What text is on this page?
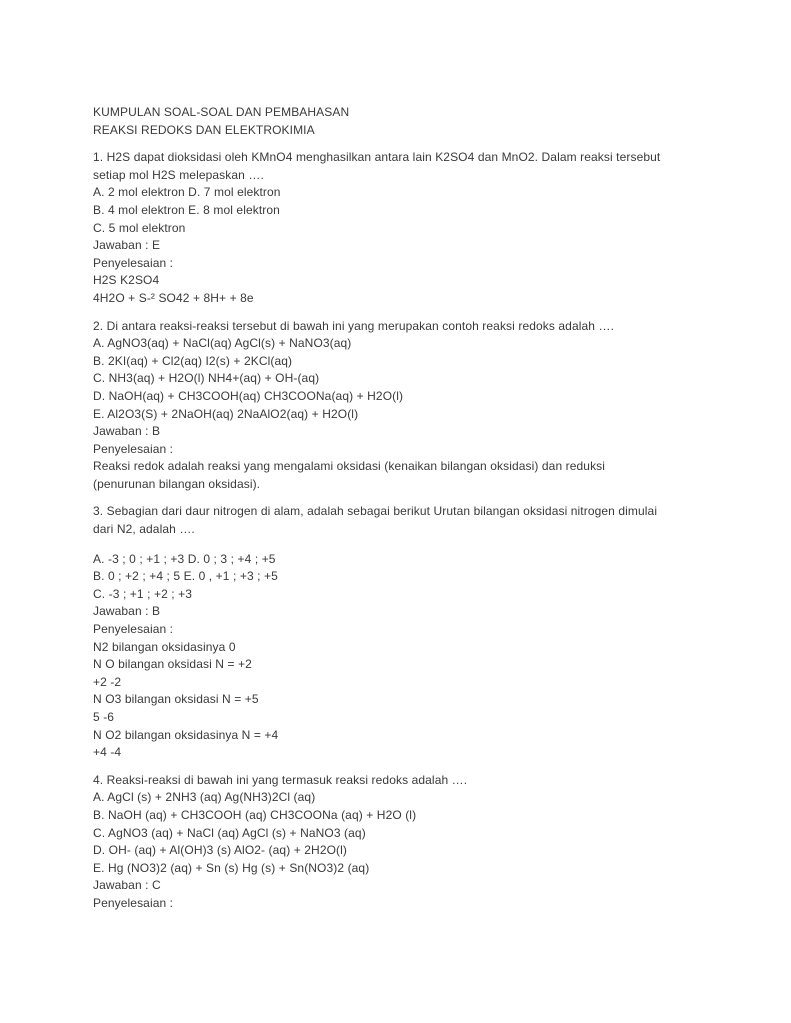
KUMPULAN SOAL-SOAL DAN PEMBAHASAN
REAKSI REDOKS DAN ELEKTROKIMIA
1. H2S dapat dioksidasi oleh KMnO4 menghasilkan antara lain K2SO4 dan MnO2. Dalam reaksi tersebut
setiap mol H2S melepaskan ….
A. 2 mol elektron D. 7 mol elektron
B. 4 mol elektron E. 8 mol elektron
C. 5 mol elektron
Jawaban : E
Penyelesaian :
H2S K2SO4
4H2O + S-² SO42 + 8H+ + 8e
2. Di antara reaksi-reaksi tersebut di bawah ini yang merupakan contoh reaksi redoks adalah ….
A. AgNO3(aq) + NaCl(aq) AgCl(s) + NaNO3(aq)
B. 2KI(aq) + Cl2(aq) I2(s) + 2KCl(aq)
C. NH3(aq) + H2O(l) NH4+(aq) + OH-(aq)
D. NaOH(aq) + CH3COOH(aq) CH3COONa(aq) + H2O(l)
E. Al2O3(S) + 2NaOH(aq) 2NaAlO2(aq) + H2O(l)
Jawaban : B
Penyelesaian :
Reaksi redok adalah reaksi yang mengalami oksidasi (kenaikan bilangan oksidasi) dan reduksi
(penurunan bilangan oksidasi).
3. Sebagian dari daur nitrogen di alam, adalah sebagai berikut Urutan bilangan oksidasi nitrogen dimulai
dari N2, adalah ….
A. -3 ; 0 ; +1 ; +3 D. 0 ; 3 ; +4 ; +5
B. 0 ; +2 ; +4 ; 5 E. 0 , +1 ; +3 ; +5
C. -3 ; +1 ; +2 ; +3
Jawaban : B
Penyelesaian :
N2 bilangan oksidasinya 0
N O bilangan oksidasi N = +2
+2 -2
N O3 bilangan oksidasi N = +5
5 -6
N O2 bilangan oksidasinya N = +4
+4 -4
4. Reaksi-reaksi di bawah ini yang termasuk reaksi redoks adalah ….
A. AgCl (s) + 2NH3 (aq) Ag(NH3)2Cl (aq)
B. NaOH (aq) + CH3COOH (aq) CH3COONa (aq) + H2O (l)
C. AgNO3 (aq) + NaCl (aq) AgCl (s) + NaNO3 (aq)
D. OH- (aq) + Al(OH)3 (s) AlO2- (aq) + 2H2O(l)
E. Hg (NO3)2 (aq) + Sn (s) Hg (s) + Sn(NO3)2 (aq)
Jawaban : C
Penyelesaian :
